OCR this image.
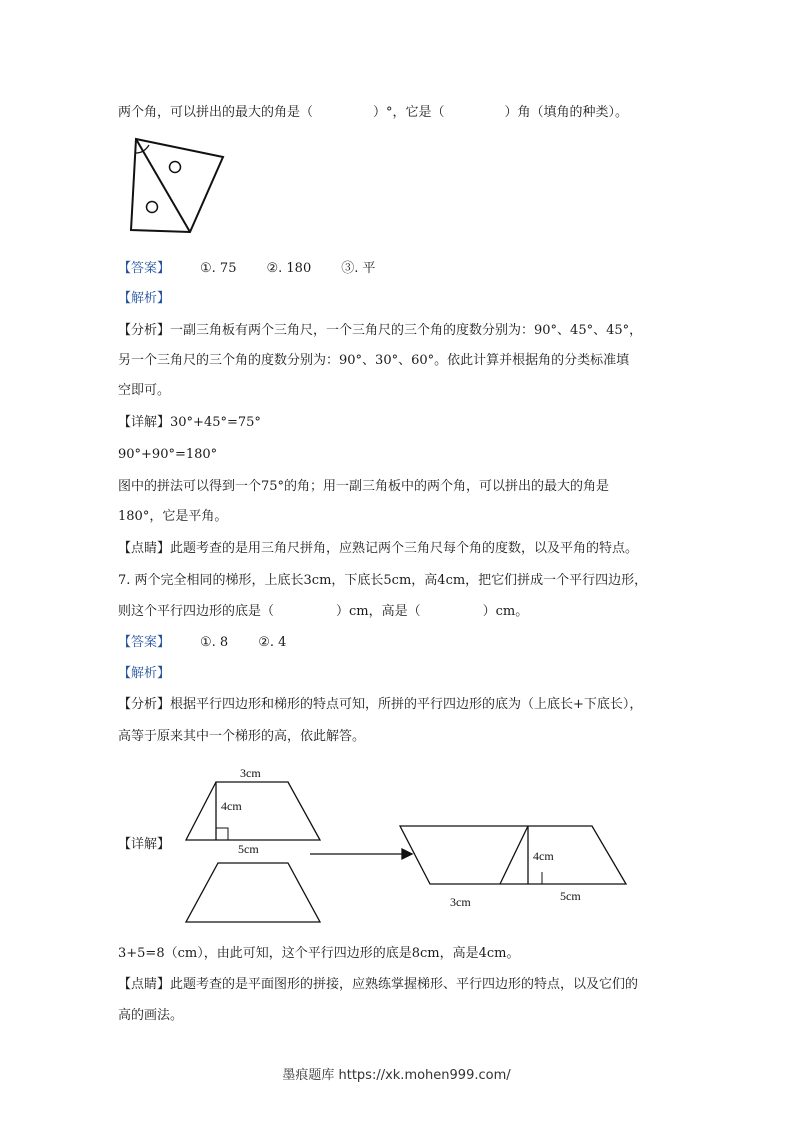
两个角，可以拼出的最大的角是（	）°，它是（	）角（填角的种类）。
【答案】 ①. 75 ②. 180 ③. 平
【解析】
【分析】一副三角板有两个三角尺，一个三角尺的三个角的度数分别为：90°、45°、45°，
另一个三角尺的三个角的度数分别为：90°、30°、60°。依此计算并根据角的分类标准填
空即可。
【详解】30°+45°=75°
90°+90°=180°
图中的拼法可以得到一个75°的角；用一副三角板中的两个角，可以拼出的最大的角是
180°，它是平角。
【点睛】此题考查的是用三角尺拼角，应熟记两个三角尺每个角的度数，以及平角的特点。
7. 两个完全相同的梯形，上底长3cm，下底长5cm，高4cm，把它们拼成一个平行四边形，
则这个平行四边形的底是（	）cm，高是（	）cm。
【答案】 ①. 8 ②. 4
【解析】
【分析】根据平行四边形和梯形的特点可知，所拼的平行四边形的底为（上底长+下底长），
高等于原来其中一个梯形的高，依此解答。
【详解】
3cm
4cm
5cm	4cm
3cm	5cm
3+5=8（cm），由此可知，这个平行四边形的底是8cm，高是4cm。
【点睛】此题考查的是平面图形的拼接，应熟练掌握梯形、平行四边形的特点，以及它们的
高的画法。
墨痕题库 https://xk.mohen999.com/
